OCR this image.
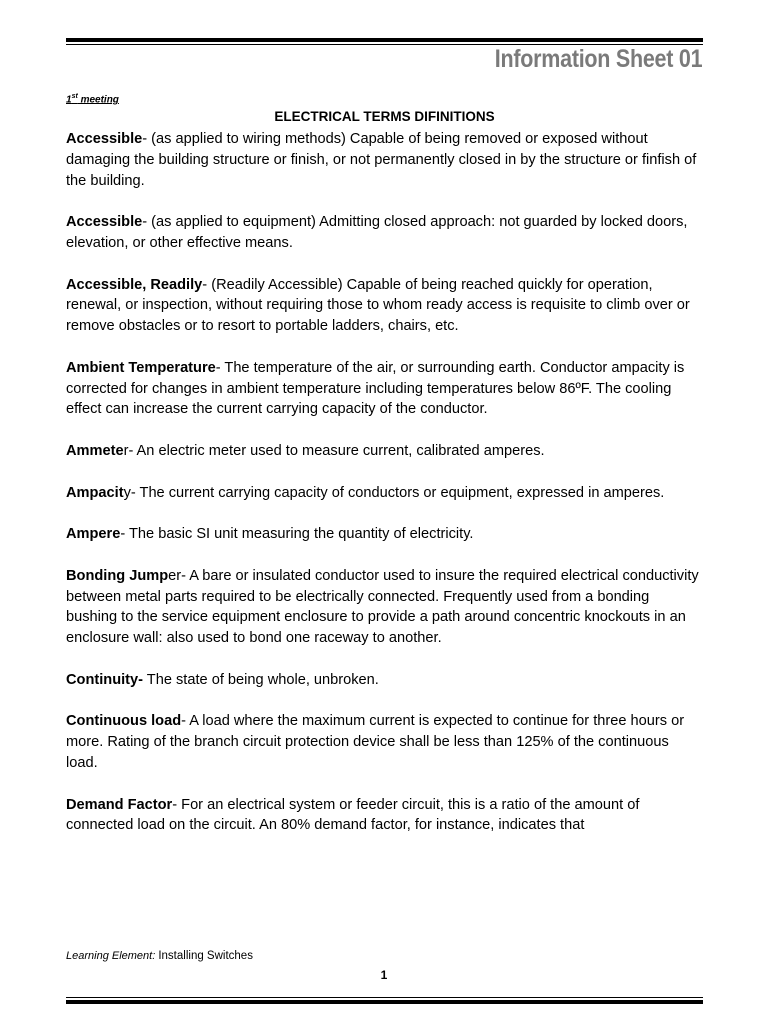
Information Sheet 01
1st meeting
ELECTRICAL TERMS DIFINITIONS

Accessible- (as applied to wiring methods) Capable of being removed or exposed without damaging the building structure or finish, or not permanently closed in by the structure or finfish of the building.

Accessible- (as applied to equipment) Admitting closed approach: not guarded by locked doors, elevation, or other effective means.

Accessible, Readily- (Readily Accessible) Capable of being reached quickly for operation, renewal, or inspection, without requiring those to whom ready access is requisite to climb over or remove obstacles or to resort to portable ladders, chairs, etc.

Ambient Temperature- The temperature of the air, or surrounding earth. Conductor ampacity is corrected for changes in ambient temperature including temperatures below 86ºF. The cooling effect can increase the current carrying capacity of the conductor.

Ammeter- An electric meter used to measure current, calibrated amperes.

Ampacity- The current carrying capacity of conductors or equipment, expressed in amperes.

Ampere- The basic SI unit measuring the quantity of electricity.

Bonding Jumper- A bare or insulated conductor used to insure the required electrical conductivity between metal parts required to be electrically connected. Frequently used from a bonding bushing to the service equipment enclosure to provide a path around concentric knockouts in an enclosure wall: also used to bond one raceway to another.

Continuity- The state of being whole, unbroken.

Continuous load- A load where the maximum current is expected to continue for three hours or more. Rating of the branch circuit protection device shall be less than 125% of the continuous load.

Demand Factor- For an electrical system or feeder circuit, this is a ratio of the amount of connected load on the circuit. An 80% demand factor, for instance, indicates that

Learning Element: Installing Switches
1
